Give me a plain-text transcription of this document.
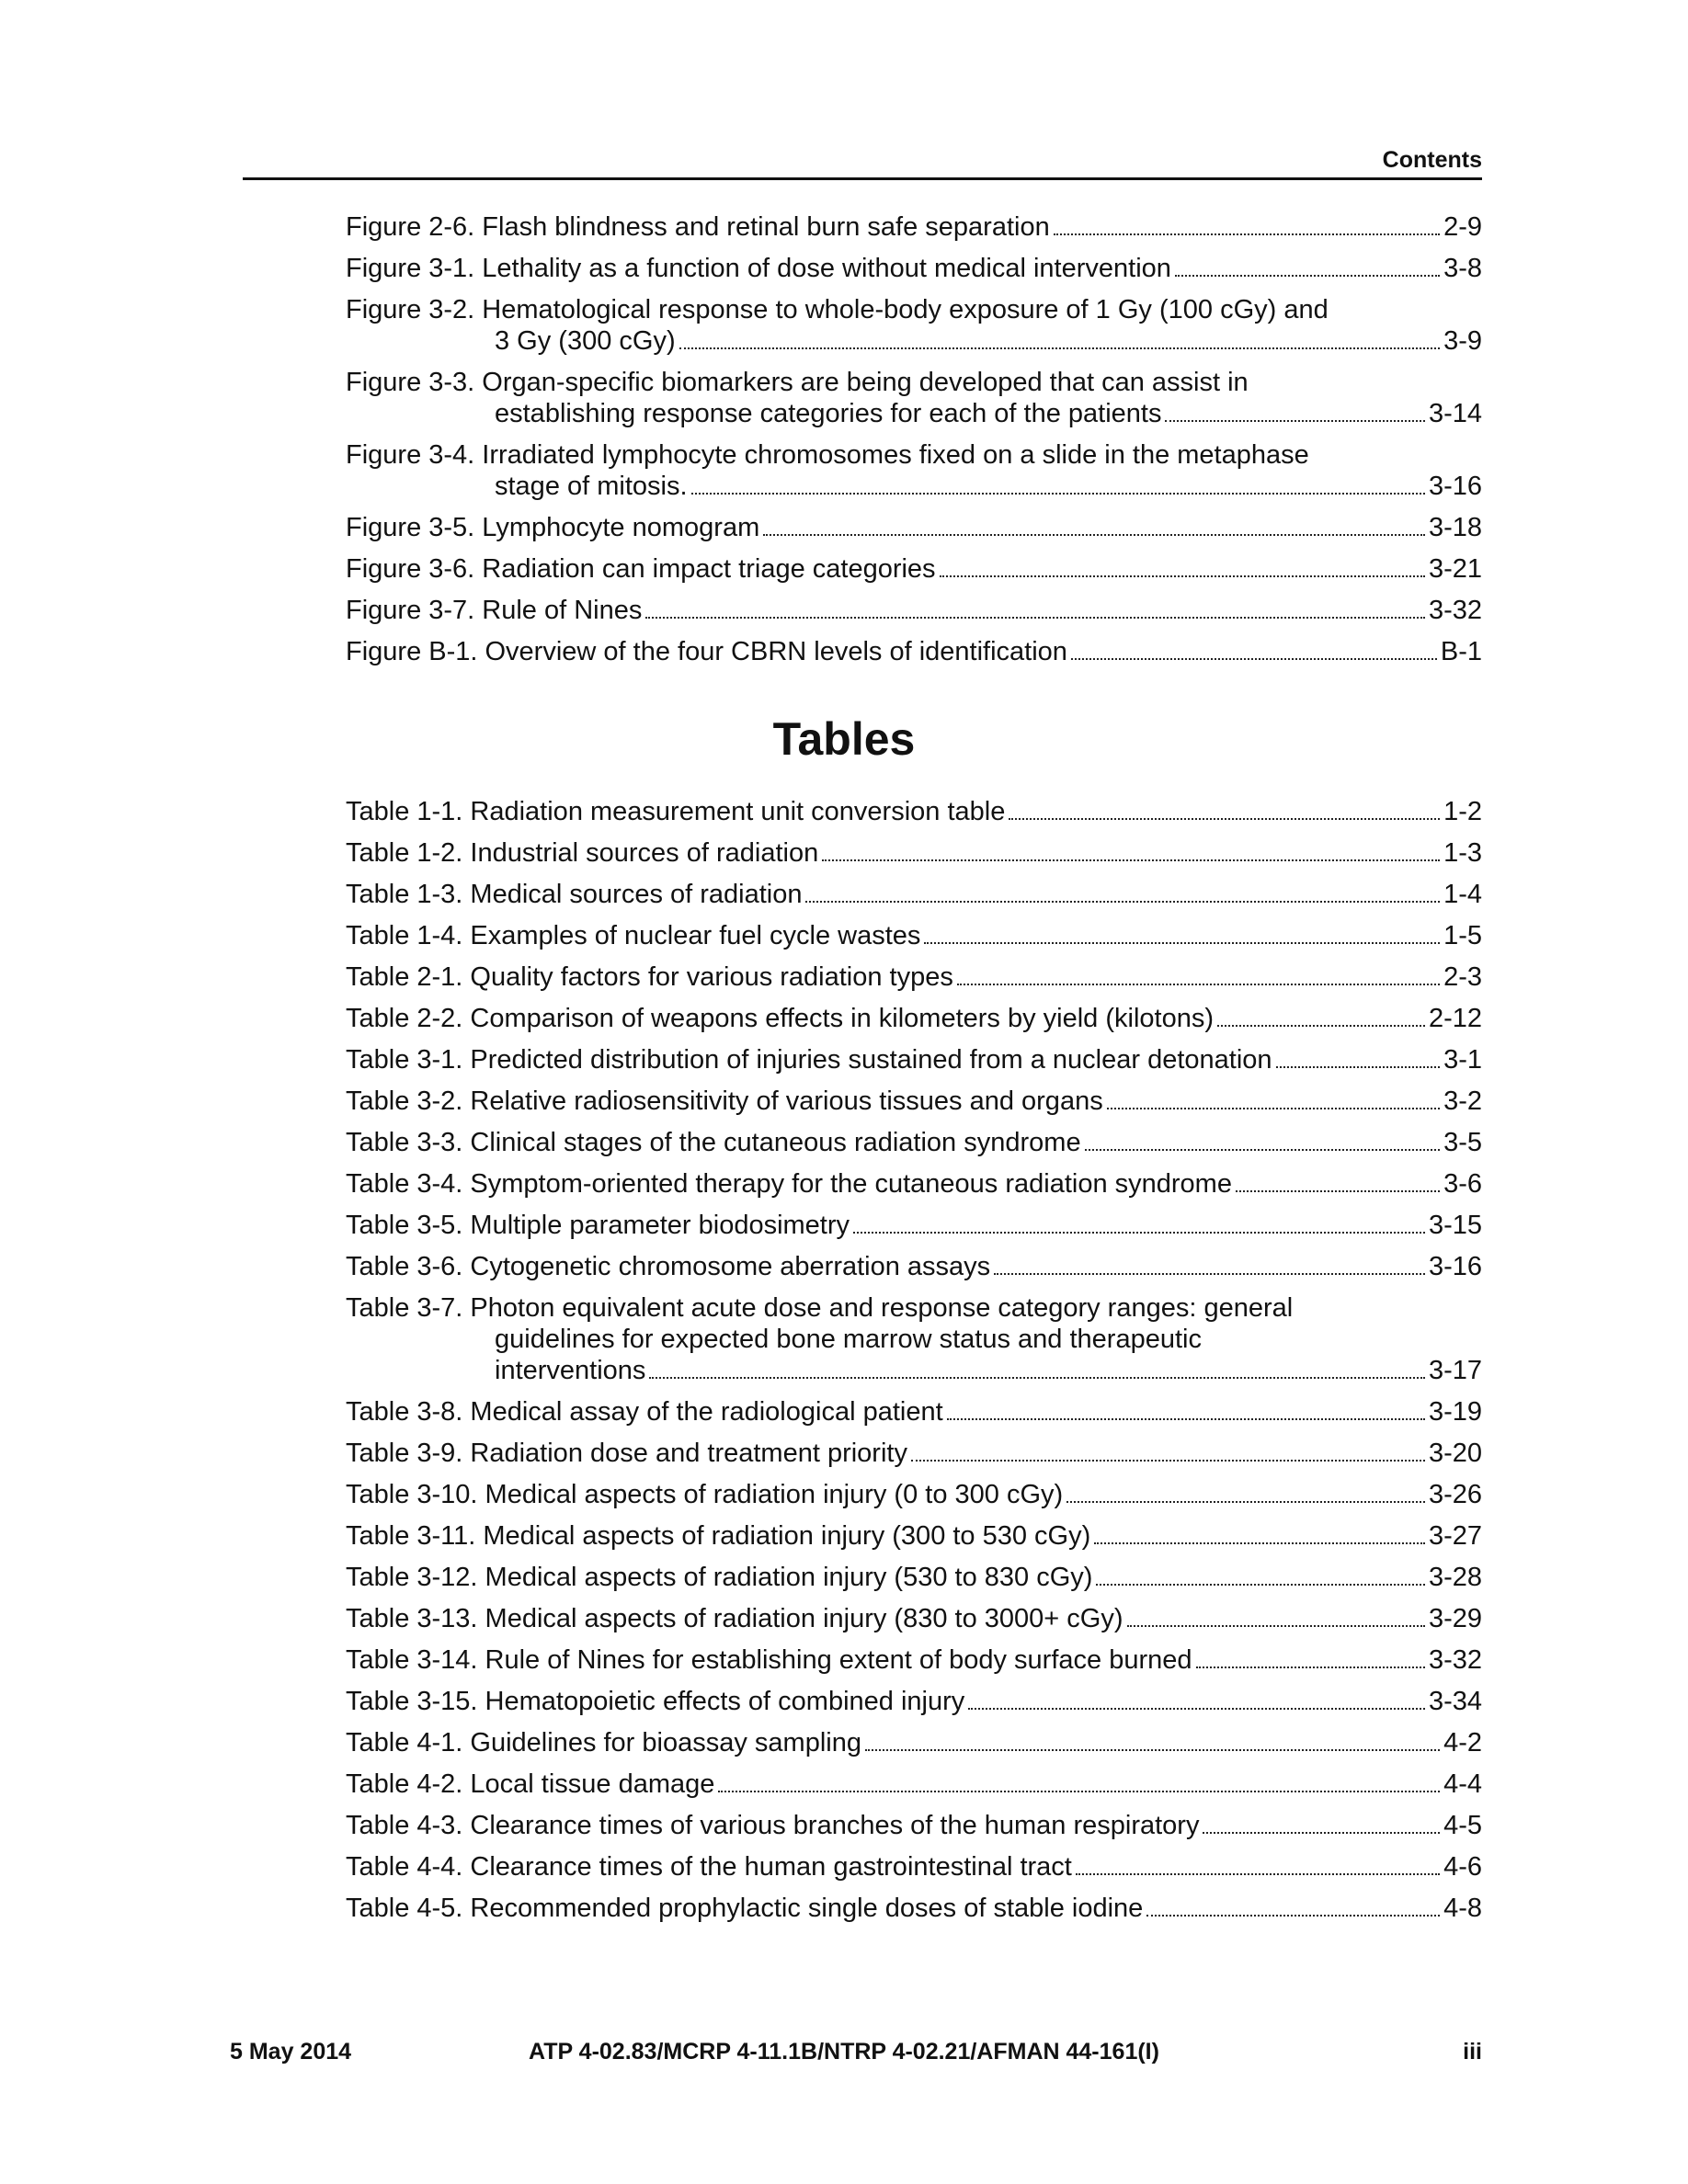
Contents
Figure 2-6. Flash blindness and retinal burn safe separation	2-9
Figure 3-1. Lethality as a function of dose without medical intervention	3-8
Figure 3-2. Hematological response to whole-body exposure of 1 Gy (100 cGy) and
3 Gy (300 cGy)	3-9
Figure 3-3. Organ-specific biomarkers are being developed that can assist in
establishing response categories for each of the patients	3-14
Figure 3-4. Irradiated lymphocyte chromosomes fixed on a slide in the metaphase
stage of mitosis.	3-16
Figure 3-5. Lymphocyte nomogram	3-18
Figure 3-6. Radiation can impact triage categories	3-21
Figure 3-7. Rule of Nines	3-32
Figure B-1. Overview of the four CBRN levels of identification	B-1
Tables
Table 1-1. Radiation measurement unit conversion table	1-2
Table 1-2. Industrial sources of radiation	1-3
Table 1-3. Medical sources of radiation	1-4
Table 1-4. Examples of nuclear fuel cycle wastes	1-5
Table 2-1. Quality factors for various radiation types	2-3
Table 2-2. Comparison of weapons effects in kilometers by yield (kilotons)	2-12
Table 3-1. Predicted distribution of injuries sustained from a nuclear detonation	3-1
Table 3-2. Relative radiosensitivity of various tissues and organs	3-2
Table 3-3. Clinical stages of the cutaneous radiation syndrome	3-5
Table 3-4. Symptom-oriented therapy for the cutaneous radiation syndrome	3-6
Table 3-5. Multiple parameter biodosimetry	3-15
Table 3-6. Cytogenetic chromosome aberration assays	3-16
Table 3-7. Photon equivalent acute dose and response category ranges: general
guidelines for expected bone marrow status and therapeutic
interventions	3-17
Table 3-8. Medical assay of the radiological patient	3-19
Table 3-9. Radiation dose and treatment priority	3-20
Table 3-10. Medical aspects of radiation injury (0 to 300 cGy)	3-26
Table 3-11. Medical aspects of radiation injury (300 to 530 cGy)	3-27
Table 3-12. Medical aspects of radiation injury (530 to 830 cGy)	3-28
Table 3-13. Medical aspects of radiation injury (830 to 3000+ cGy)	3-29
Table 3-14. Rule of Nines for establishing extent of body surface burned	3-32
Table 3-15. Hematopoietic effects of combined injury	3-34
Table 4-1. Guidelines for bioassay sampling	4-2
Table 4-2. Local tissue damage	4-4
Table 4-3. Clearance times of various branches of the human respiratory	4-5
Table 4-4. Clearance times of the human gastrointestinal tract	4-6
Table 4-5. Recommended prophylactic single doses of stable iodine	4-8
5 May 2014	ATP 4-02.83/MCRP 4-11.1B/NTRP 4-02.21/AFMAN 44-161(I)	iii
